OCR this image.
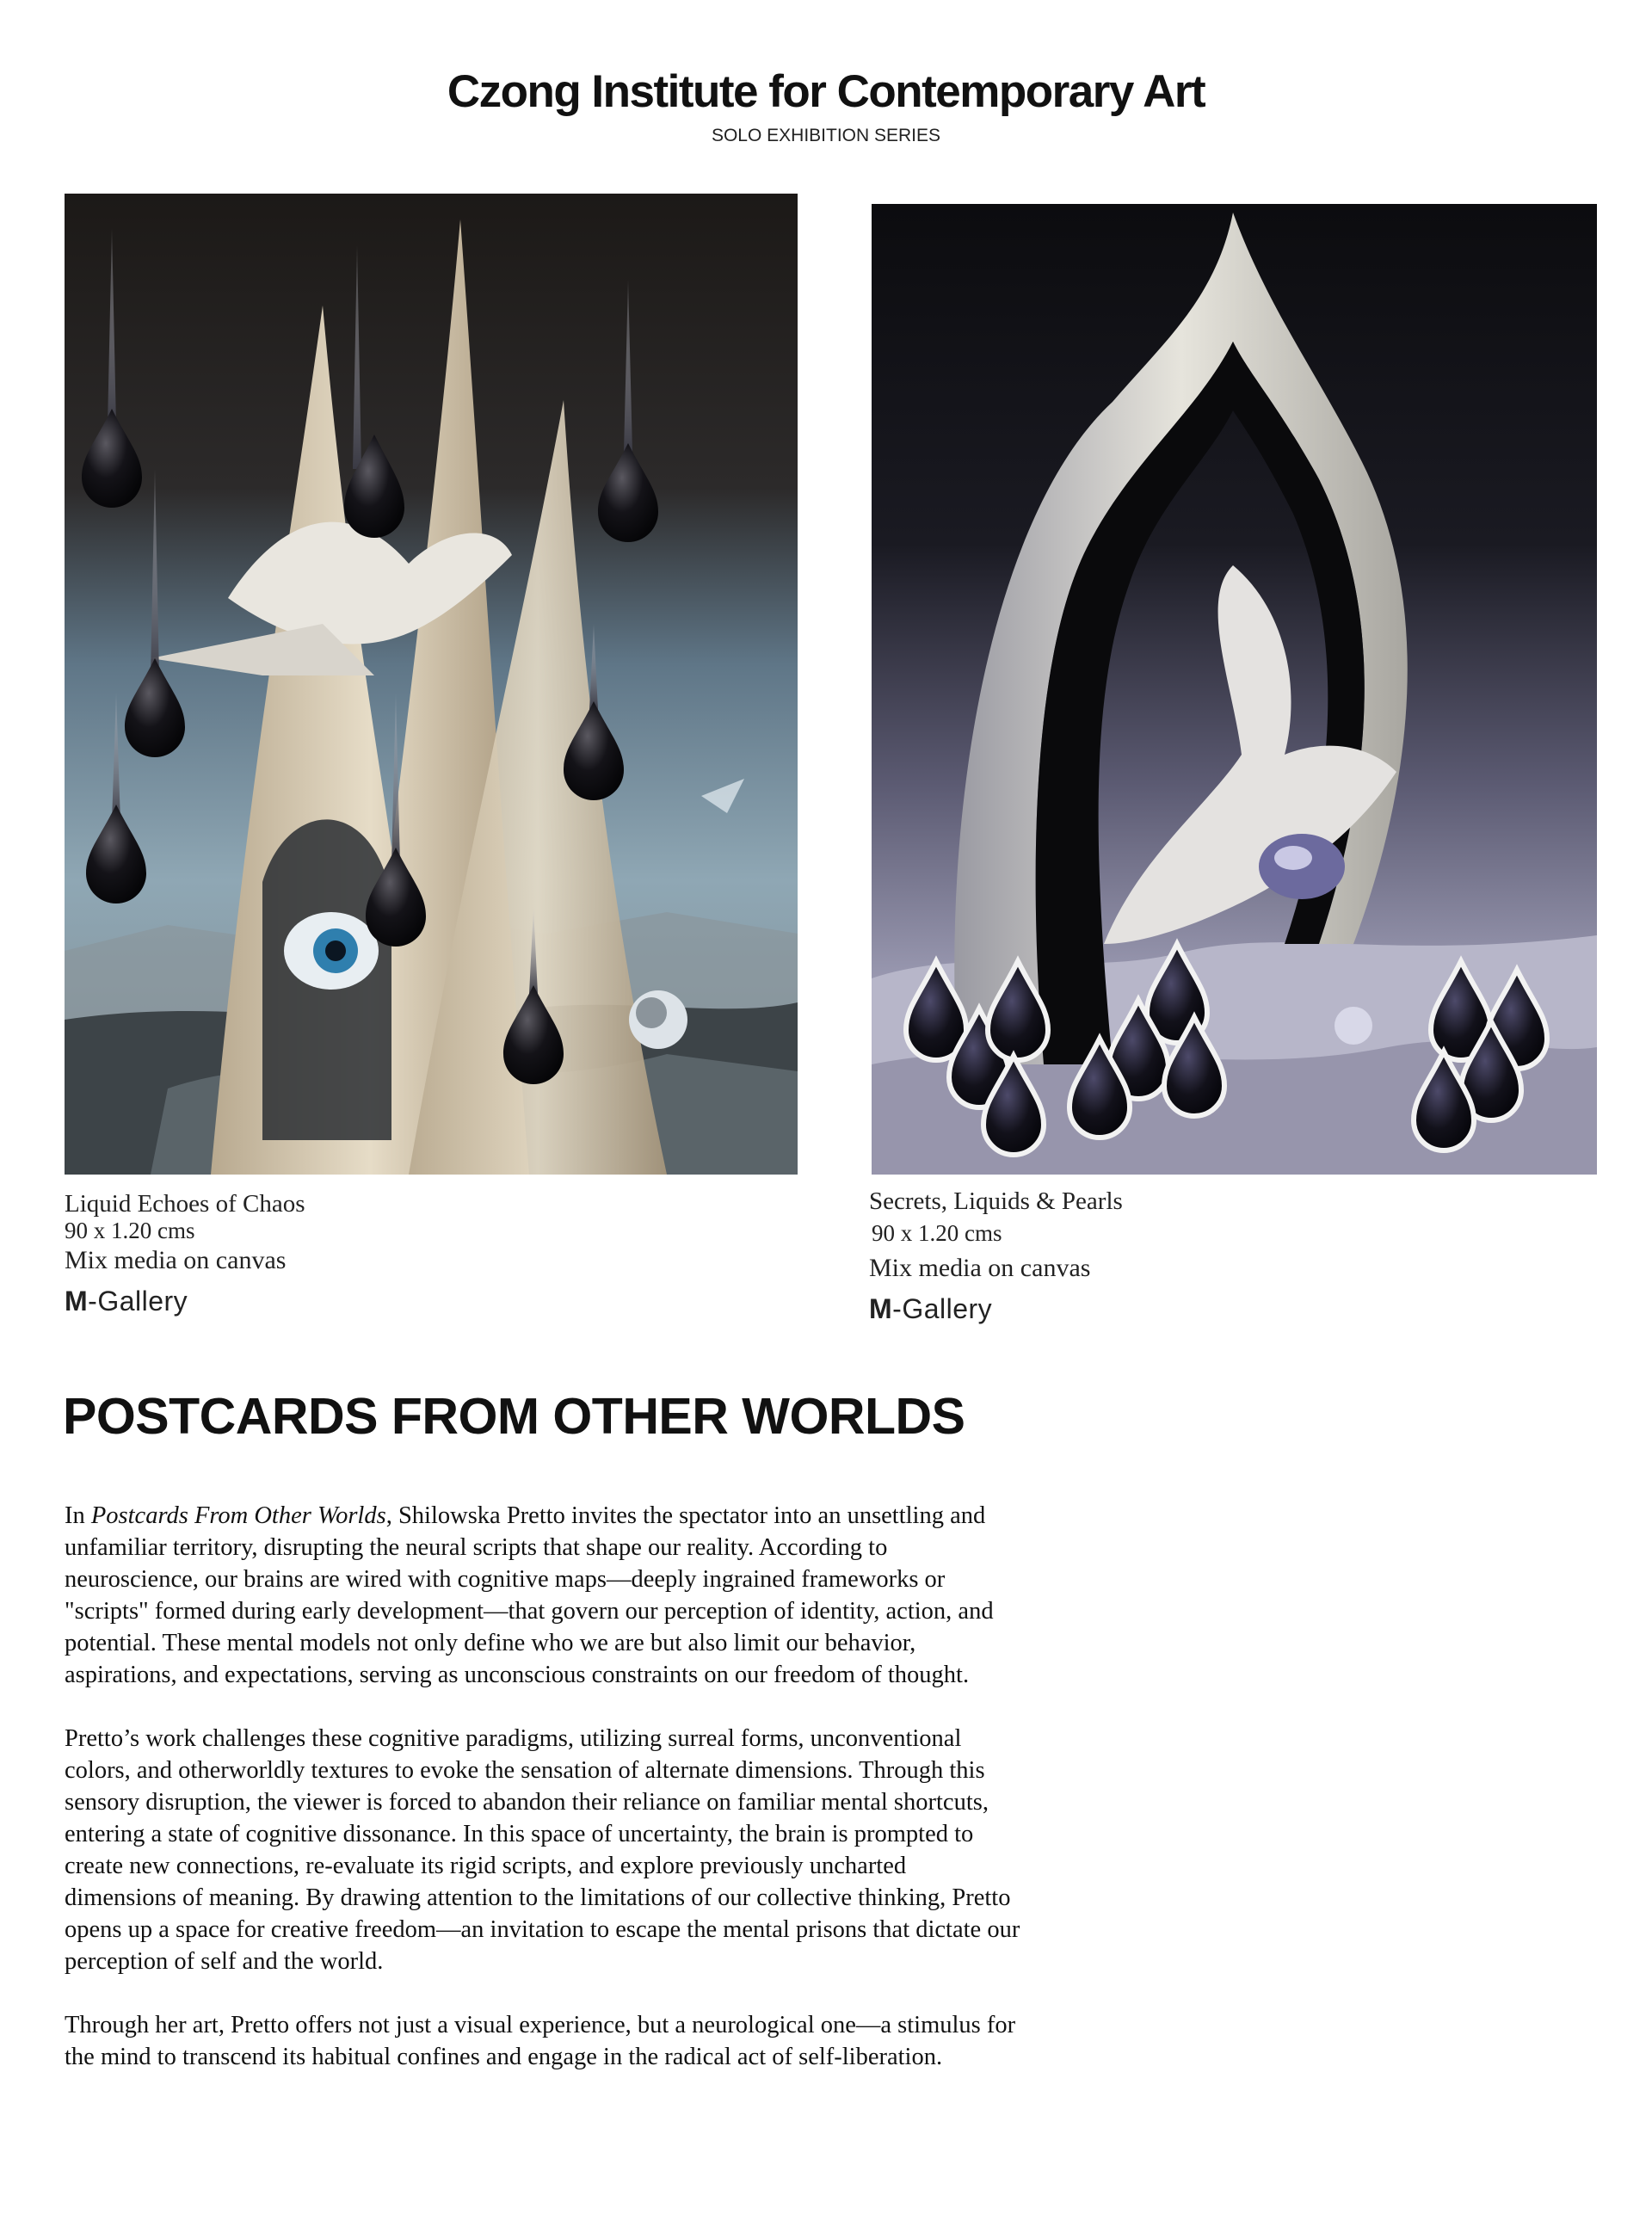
Czong Institute for Contemporary Art
SOLO EXHIBITION SERIES
Liquid Echoes of Chaos
90 x 1.20 cms
Mix media on canvas
M-Gallery
Secrets, Liquids & Pearls
90 x 1.20 cms
Mix media on canvas
M-Gallery
POSTCARDS FROM OTHER WORLDS

In Postcards From Other Worlds, Shilowska Pretto invites the spectator into an unsettling and
unfamiliar territory, disrupting the neural scripts that shape our reality. According to
neuroscience, our brains are wired with cognitive maps—deeply ingrained frameworks or
"scripts" formed during early development—that govern our perception of identity, action, and
potential. These mental models not only define who we are but also limit our behavior,
aspirations, and expectations, serving as unconscious constraints on our freedom of thought.

Pretto’s work challenges these cognitive paradigms, utilizing surreal forms, unconventional
colors, and otherworldly textures to evoke the sensation of alternate dimensions. Through this
sensory disruption, the viewer is forced to abandon their reliance on familiar mental shortcuts,
entering a state of cognitive dissonance. In this space of uncertainty, the brain is prompted to
create new connections, re-evaluate its rigid scripts, and explore previously uncharted
dimensions of meaning. By drawing attention to the limitations of our collective thinking, Pretto
opens up a space for creative freedom—an invitation to escape the mental prisons that dictate our
perception of self and the world.

Through her art, Pretto offers not just a visual experience, but a neurological one—a stimulus for
the mind to transcend its habitual confines and engage in the radical act of self-liberation.
